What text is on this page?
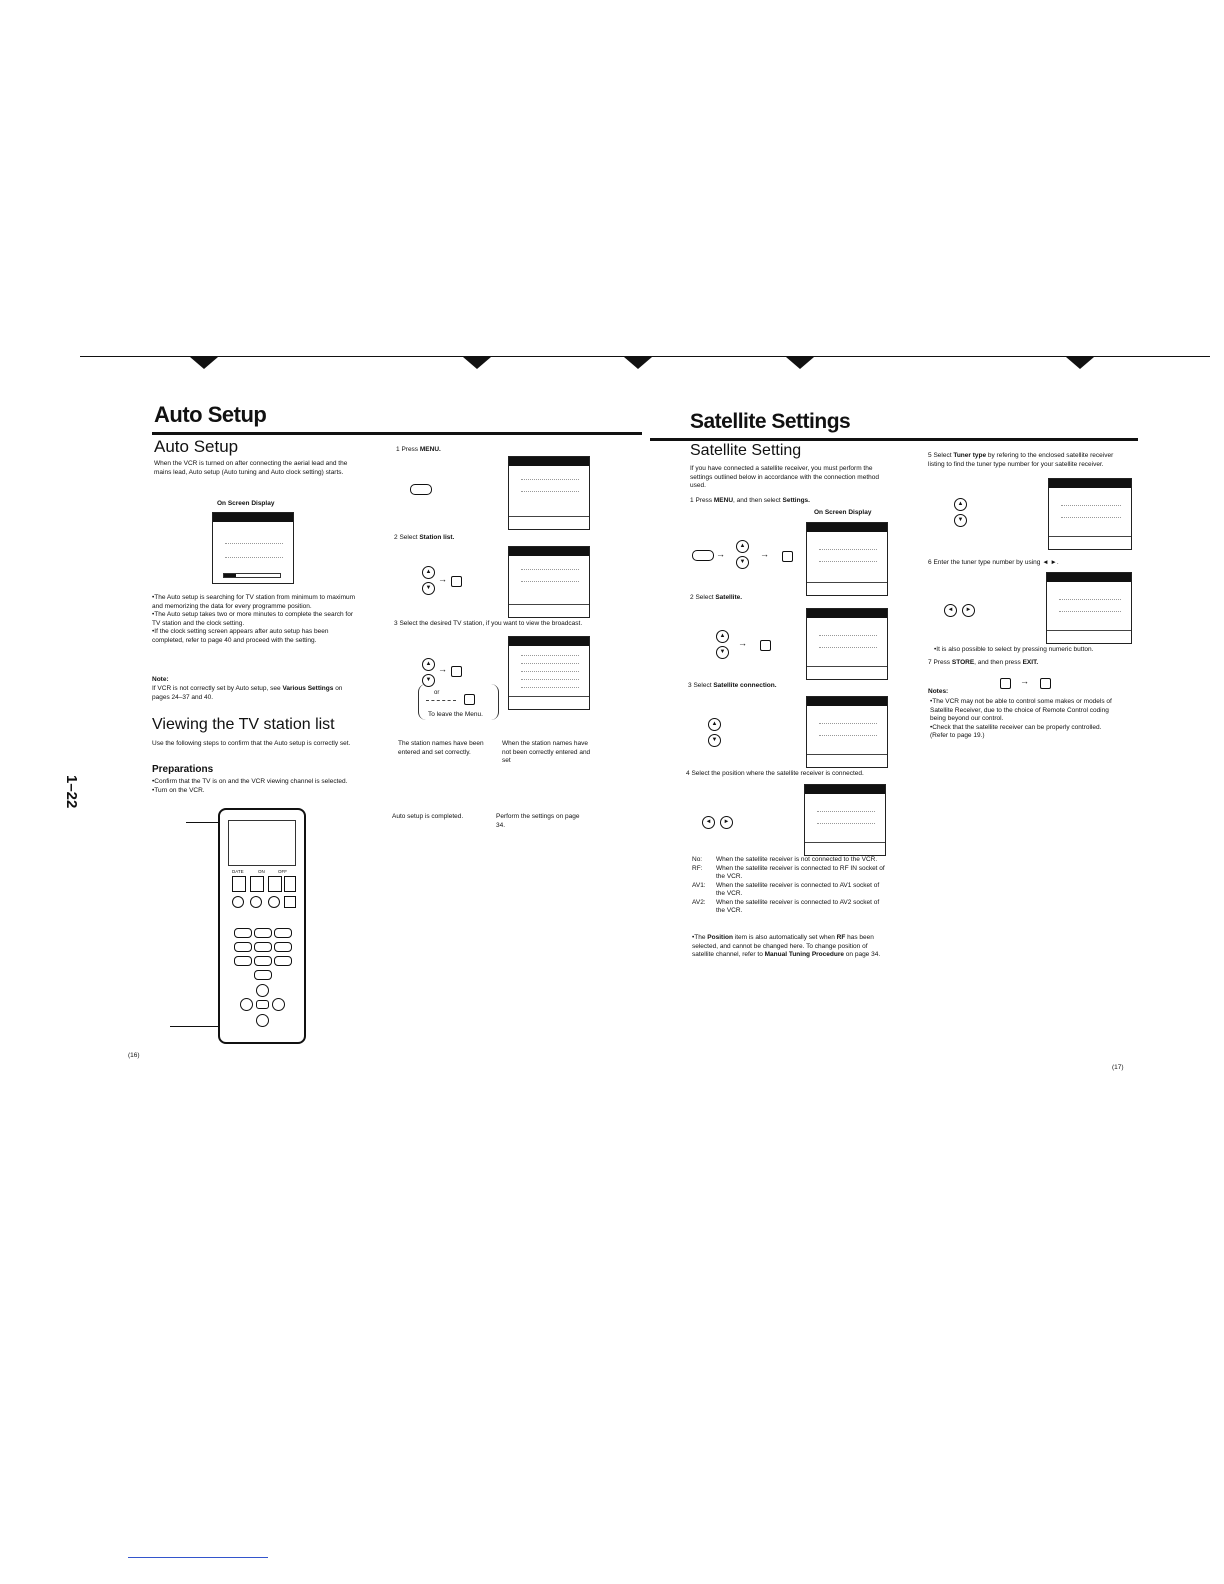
Auto Setup
Auto Setup
When the VCR is turned on after connecting the aerial lead and the mains lead, Auto setup (Auto tuning and Auto clock setting) starts.
On Screen Display
•The Auto setup is searching for TV station from minimum to maximum and memorizing the data for every programme position.
•The Auto setup takes two or more minutes to complete the search for TV station and the clock setting.
•If the clock setting screen appears after auto setup has been completed, refer to page 40 and proceed with the setting.
Note:
If VCR is not correctly set by Auto setup, see Various Settings on pages 24–37 and 40.
Viewing the TV station list
Use the following steps to confirm that the Auto setup is correctly set.
Preparations
•Confirm that the TV is on and the VCR viewing channel is selected.
•Turn on the VCR.
1–22
DATE	ON	OFF
(16)
1 Press MENU.
2 Select Station list.
▲
▼
→
3 Select the desired TV station, if you want to view the broadcast.
▲
▼
→
or
To leave the Menu.
The station names have been entered and set correctly.
When the station names have not been correctly entered and set
Auto setup is completed.	Perform the settings on page 34.
Satellite Settings
Satellite Setting
If you have connected a satellite receiver, you must perform the settings outlined below in accordance with the connection method used.
1 Press MENU, and then select Settings.
On Screen Display
→
▲
▼
→
2 Select Satellite.
▲
▼
→
3 Select Satellite connection.
▲
▼
4 Select the position where the satellite receiver is connected.
◄	►
No:	When the satellite receiver is not connected to the VCR.
RF:	When the satellite receiver is connected to RF IN socket of the VCR.
AV1:	When the satellite receiver is connected to AV1 socket of the VCR.
AV2:	When the satellite receiver is connected to AV2 socket of the VCR.
•The Position item is also automatically set when RF has been selected, and cannot be changed here. To change position of satellite channel, refer to Manual Tuning Procedure on page 34.
5 Select Tuner type by refering to the enclosed satellite receiver listing to find the tuner type number for your satellite receiver.
▲
▼
6 Enter the tuner type number by using ◄ ►.
◄	►
•It is also possible to select by pressing numeric button.
7 Press STORE, and then press EXIT.
→
Notes:
•The VCR may not be able to control some makes or models of Satellite Receiver, due to the choice of Remote Control coding being beyond our control.
•Check that the satellite receiver can be properly controlled. (Refer to page 19.)
(17)
